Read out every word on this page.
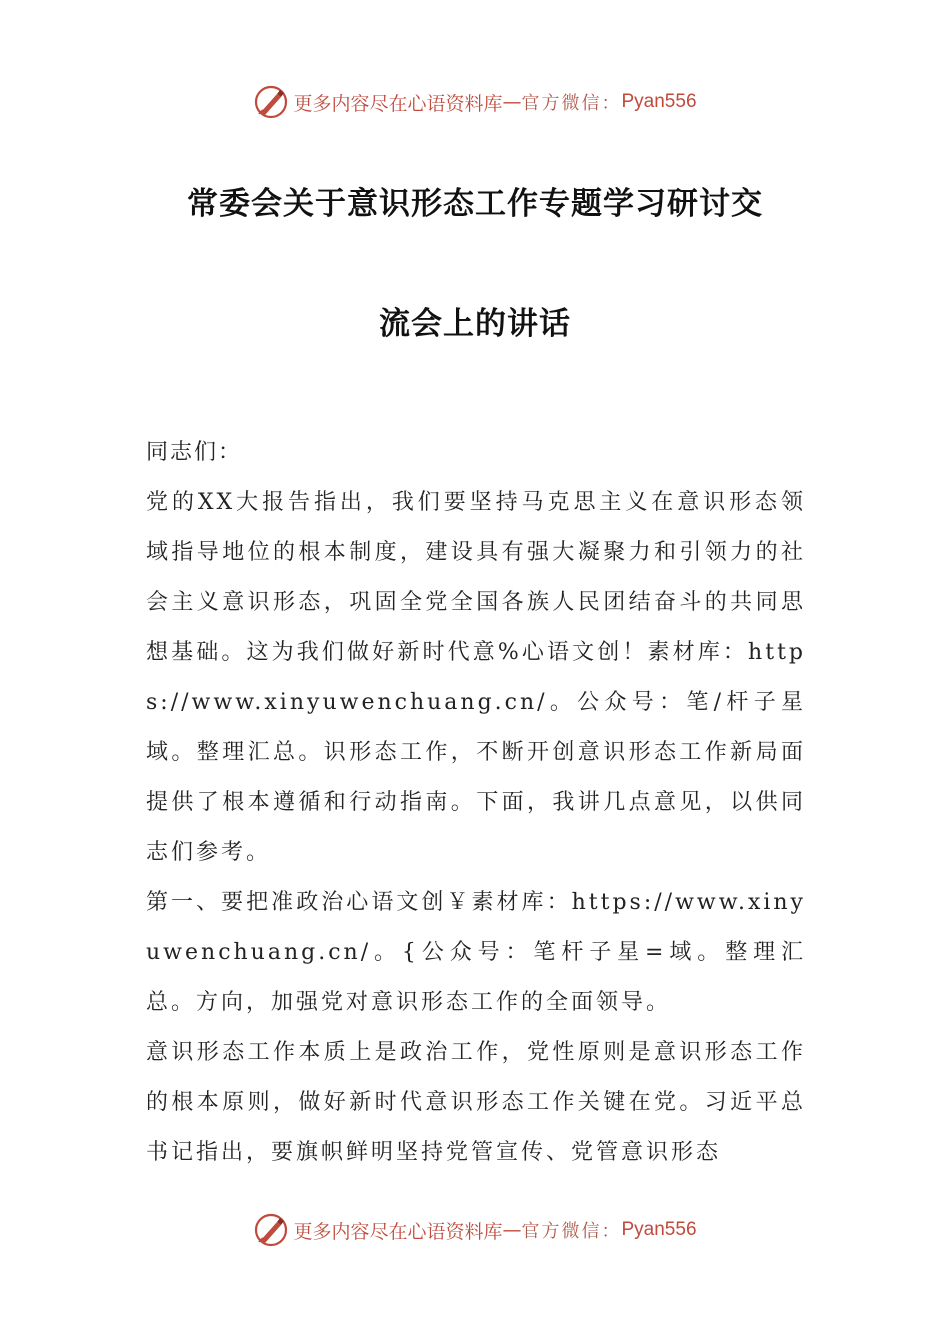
更多内容尽在心语资料库 — 官方微信： Pyan556
常委会关于意识形态工作专题学习研讨交
流会上的讲话

同志们：

党的XX大报告指出，我们要坚持马克思主义在意识形态领域指导地位的根本制度，建设具有强大凝聚力和引领力的社会主义意识形态，巩固全党全国各族人民团结奋斗的共同思想基础。这为我们做好新时代意%心语文创！素材库：https://www.xinyuwenchuang.cn/。公众号：笔/杆子星域。整理汇总。识形态工作，不断开创意识形态工作新局面提供了根本遵循和行动指南。下面，我讲几点意见，以供同志们参考。

第一、要把准政治心语文创￥素材库：https://www.xinyuwenchuang.cn/。{公众号：笔杆子星=域。整理汇总。方向，加强党对意识形态工作的全面领导。

意识形态工作本质上是政治工作，党性原则是意识形态工作的根本原则，做好新时代意识形态工作关键在党。习近平总书记指出，要旗帜鲜明坚持党管宣传、党管意识形态

更多内容尽在心语资料库 — 官方微信： Pyan556
